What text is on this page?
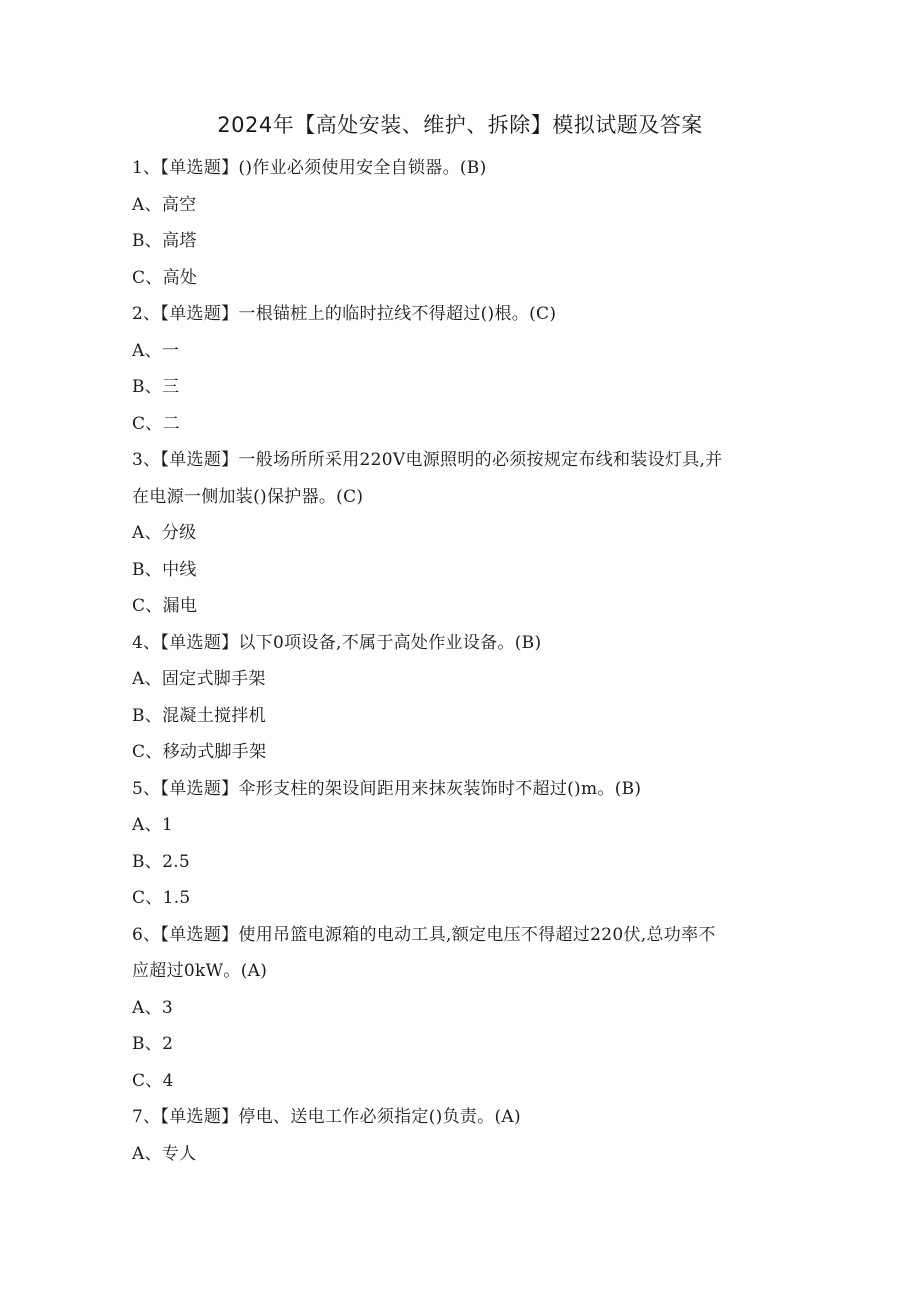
2024年【高处安装、维护、拆除】模拟试题及答案
1、【单选题】()作业必须使用安全自锁器。(B)
A、高空
B、高塔
C、高处
2、【单选题】一根锚桩上的临时拉线不得超过()根。(C)
A、一
B、三
C、二
3、【单选题】一般场所所采用220V电源照明的必须按规定布线和装设灯具,并
在电源一侧加装()保护器。(C)
A、分级
B、中线
C、漏电
4、【单选题】以下0项设备,不属于高处作业设备。(B)
A、固定式脚手架
B、混凝土搅拌机
C、移动式脚手架
5、【单选题】伞形支柱的架设间距用来抹灰装饰时不超过()m。(B)
A、1
B、2.5
C、1.5
6、【单选题】使用吊篮电源箱的电动工具,额定电压不得超过220伏,总功率不
应超过0kW。(A)
A、3
B、2
C、4
7、【单选题】停电、送电工作必须指定()负责。(A)
A、专人
